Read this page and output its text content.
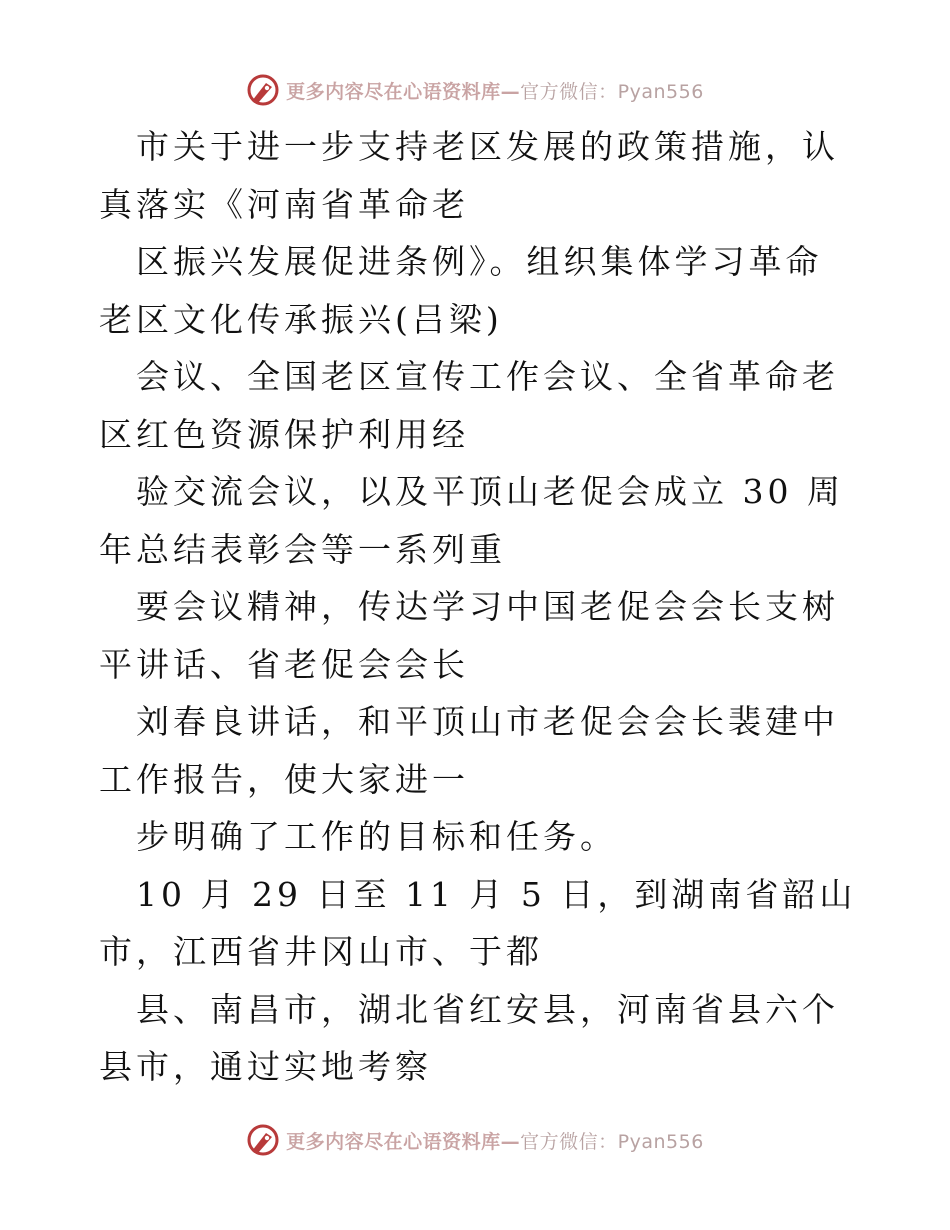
更多内容尽在心语资料库—官方微信：Pyan556

市关于进一步支持老区发展的政策措施，认真落实《河南省革命老

区振兴发展促进条例》。组织集体学习革命老区文化传承振兴(吕梁)

会议、全国老区宣传工作会议、全省革命老区红色资源保护利用经

验交流会议，以及平顶山老促会成立 30 周年总结表彰会等一系列重

要会议精神，传达学习中国老促会会长支树平讲话、省老促会会长

刘春良讲话，和平顶山市老促会会长裴建中工作报告，使大家进一

步明确了工作的目标和任务。

10 月 29 日至 11 月 5 日，到湖南省韶山市，江西省井冈山市、于都

县、南昌市，湖北省红安县，河南省县六个县市，通过实地考察

更多内容尽在心语资料库—官方微信：Pyan556
